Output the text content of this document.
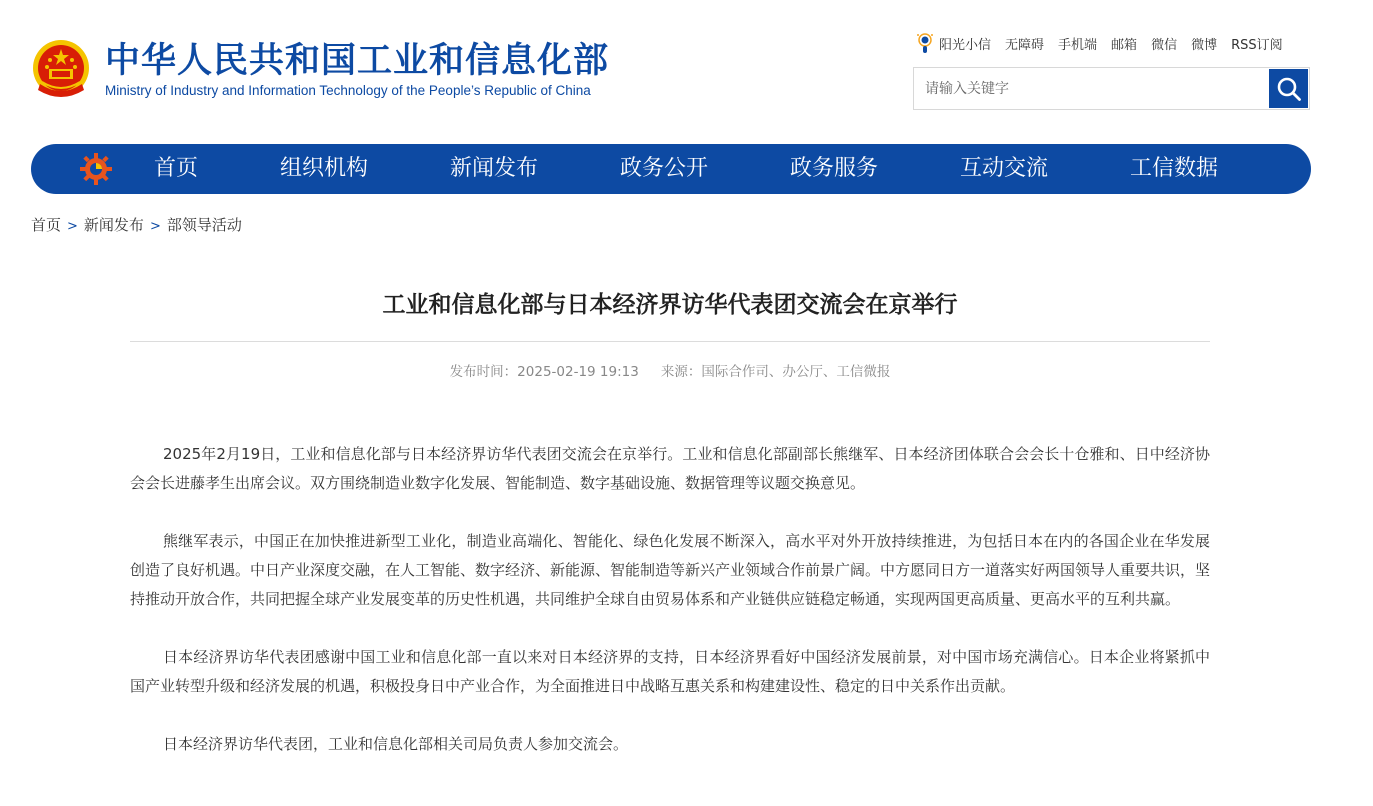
中华人民共和国工业和信息化部
Ministry of Industry and Information Technology of the People’s Republic of China
阳光小信 无障碍 手机端 邮箱 微信 微博 RSS订阅
请输入关键字
首页	组织机构	新闻发布	政务公开	政务服务	互动交流	工信数据
首页 > 新闻发布 > 部领导活动
工业和信息化部与日本经济界访华代表团交流会在京举行
发布时间：2025-02-19 19:13 来源：国际合作司、办公厅、工信微报

2025年2月19日，工业和信息化部与日本经济界访华代表团交流会在京举行。工业和信息化部副部长熊继军、日本经济团体联合会会长十仓雅和、日中经济协会会长进藤孝生出席会议。双方围绕制造业数字化发展、智能制造、数字基础设施、数据管理等议题交换意见。

熊继军表示，中国正在加快推进新型工业化，制造业高端化、智能化、绿色化发展不断深入，高水平对外开放持续推进，为包括日本在内的各国企业在华发展创造了良好机遇。中日产业深度交融，在人工智能、数字经济、新能源、智能制造等新兴产业领域合作前景广阔。中方愿同日方一道落实好两国领导人重要共识，坚持推动开放合作，共同把握全球产业发展变革的历史性机遇，共同维护全球自由贸易体系和产业链供应链稳定畅通，实现两国更高质量、更高水平的互利共赢。

日本经济界访华代表团感谢中国工业和信息化部一直以来对日本经济界的支持，日本经济界看好中国经济发展前景，对中国市场充满信心。日本企业将紧抓中国产业转型升级和经济发展的机遇，积极投身日中产业合作，为全面推进日中战略互惠关系和构建建设性、稳定的日中关系作出贡献。

日本经济界访华代表团，工业和信息化部相关司局负责人参加交流会。
